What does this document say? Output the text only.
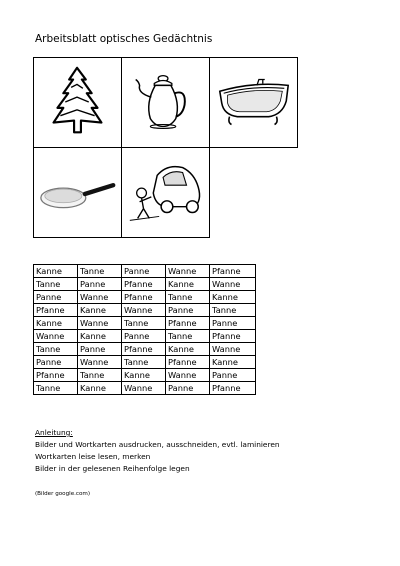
Arbeitsblatt optisches Gedächtnis
Kanne	Tanne	Panne	Wanne	Pfanne
Tanne	Panne	Pfanne	Kanne	Wanne
Panne	Wanne	Pfanne	Tanne	Kanne
Pfanne	Kanne	Wanne	Panne	Tanne
Kanne	Wanne	Tanne	Pfanne	Panne
Wanne	Kanne	Panne	Tanne	Pfanne
Tanne	Panne	Pfanne	Kanne	Wanne
Panne	Wanne	Tanne	Pfanne	Kanne
Pfanne	Tanne	Kanne	Wanne	Panne
Tanne	Kanne	Wanne	Panne	Pfanne
Anleitung:
Bilder und Wortkarten ausdrucken, ausschneiden, evtl. laminieren
Wortkarten leise lesen, merken
Bilder in der gelesenen Reihenfolge legen
(Bilder google.com)
